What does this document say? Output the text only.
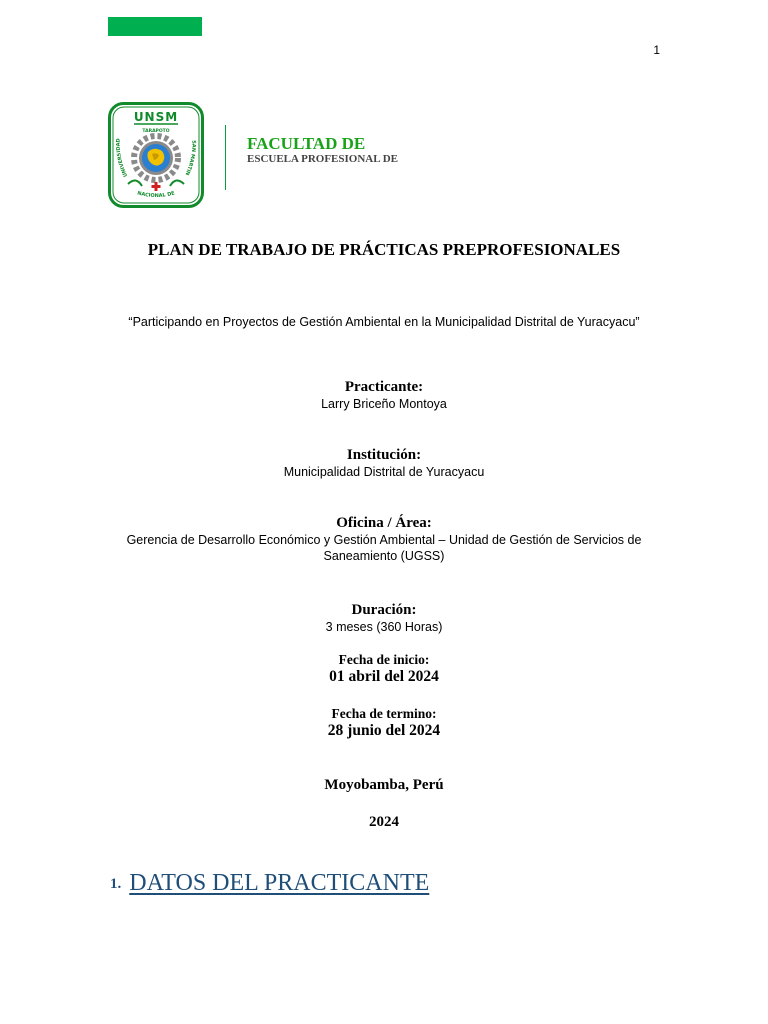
1
UNSM
UNIVERSIDAD	SAN MARTIN
NACIONAL DE
TARAPOTO
FACULTAD DE
ESCUELA PROFESIONAL DE
PLAN DE TRABAJO DE PRÁCTICAS PREPROFESIONALES
“Participando en Proyectos de Gestión Ambiental en la Municipalidad Distrital de Yuracyacu”
Practicante:
Larry Briceño Montoya
Institución:
Municipalidad Distrital de Yuracyacu
Oficina / Área:
Gerencia de Desarrollo Económico y Gestión Ambiental – Unidad de Gestión de Servicios de Saneamiento (UGSS)
Duración:
3 meses (360 Horas)
Fecha de inicio:
01 abril del 2024
Fecha de termino:
28 junio del 2024
Moyobamba, Perú
2024
1. DATOS DEL PRACTICANTE
